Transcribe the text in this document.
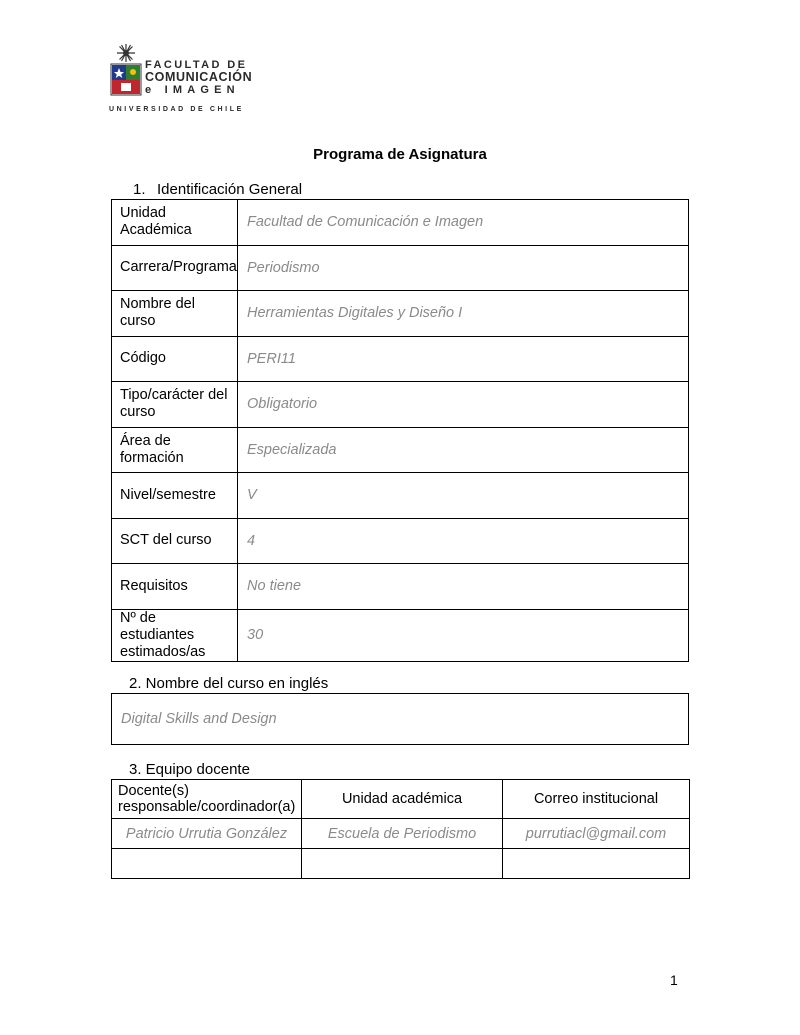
FACULTAD DE
COMUNICACIÓN
e IMAGEN
UNIVERSIDAD DE CHILE
Programa de Asignatura
1. Identificación General
Unidad Académica	Facultad de Comunicación e Imagen
Carrera/Programa	Periodismo
Nombre del curso	Herramientas Digitales y Diseño I
Código	PERI11
Tipo/carácter del curso	Obligatorio
Área de formación	Especializada
Nivel/semestre	V
SCT del curso	4
Requisitos	No tiene
Nº de estudiantes estimados/as	30
2. Nombre del curso en inglés
Digital Skills and Design
3. Equipo docente
Docente(s) responsable/coordinador(a)	Unidad académica	Correo institucional
Patricio Urrutia González	Escuela de Periodismo	purrutiacl@gmail.com

1
